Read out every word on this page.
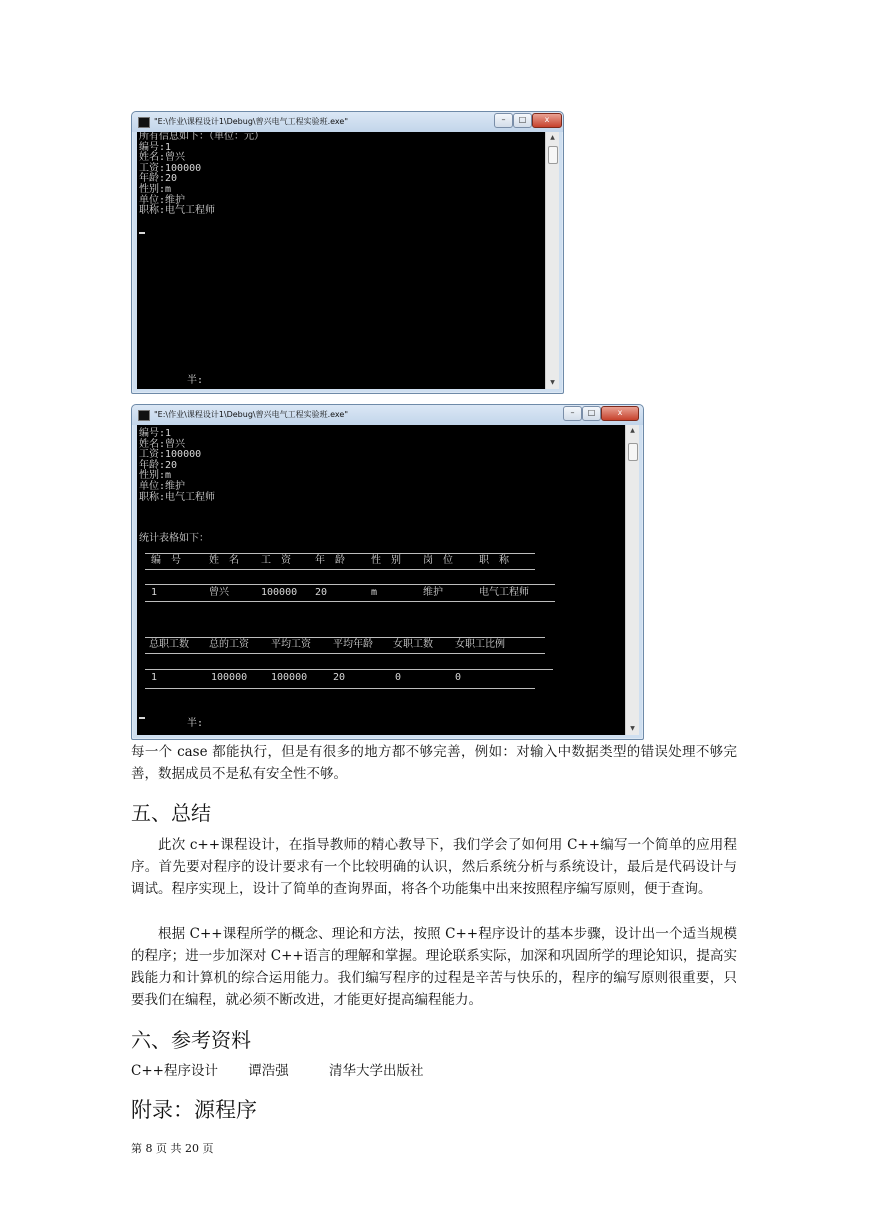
"E:\作业\课程设计1\Debug\曾兴电气工程实验班.exe"	–	□	x
所有信息如下：（单位：元）
编号:1
姓名:曾兴
工资:100000
年龄:20
性别:m
单位:维护
职称:电气工程师
半:
▲
▼
"E:\作业\课程设计1\Debug\曾兴电气工程实验班.exe"	–	□	x
编号:1
姓名:曾兴
工资:100000
年龄:20
性别:m
单位:维护
职称:电气工程师
统计表格如下：
编　号	姓　名 工　资 年　龄	性　别 岗　位	职　称
1	曾兴	100000 20	m	维护	电气工程师
总职工数 总的工资 平均工资 平均年龄 女职工数 女职工比例
1	100000 100000	20	0	0
半:
▲
▼
每一个 case 都能执行，但是有很多的地方都不够完善，例如：对输入中数据类型的错误处理不够完善，数据成员不是私有安全性不够。
五、总结
此次 c++课程设计，在指导教师的精心教导下，我们学会了如何用 C++编写一个简单的应用程序。首先要对程序的设计要求有一个比较明确的认识，然后系统分析与系统设计，最后是代码设计与调试。程序实现上，设计了简单的查询界面，将各个功能集中出来按照程序编写原则，便于查询。
根据 C++课程所学的概念、理论和方法，按照 C++程序设计的基本步骤，设计出一个适当规模的程序；进一步加深对 C++语言的理解和掌握。理论联系实际，加深和巩固所学的理论知识，提高实践能力和计算机的综合运用能力。我们编写程序的过程是辛苦与快乐的，程序的编写原则很重要，只要我们在编程，就必须不断改进，才能更好提高编程能力。
六、参考资料
C++程序设计 谭浩强	清华大学出版社
附录：源程序
第 8 页 共 20 页
